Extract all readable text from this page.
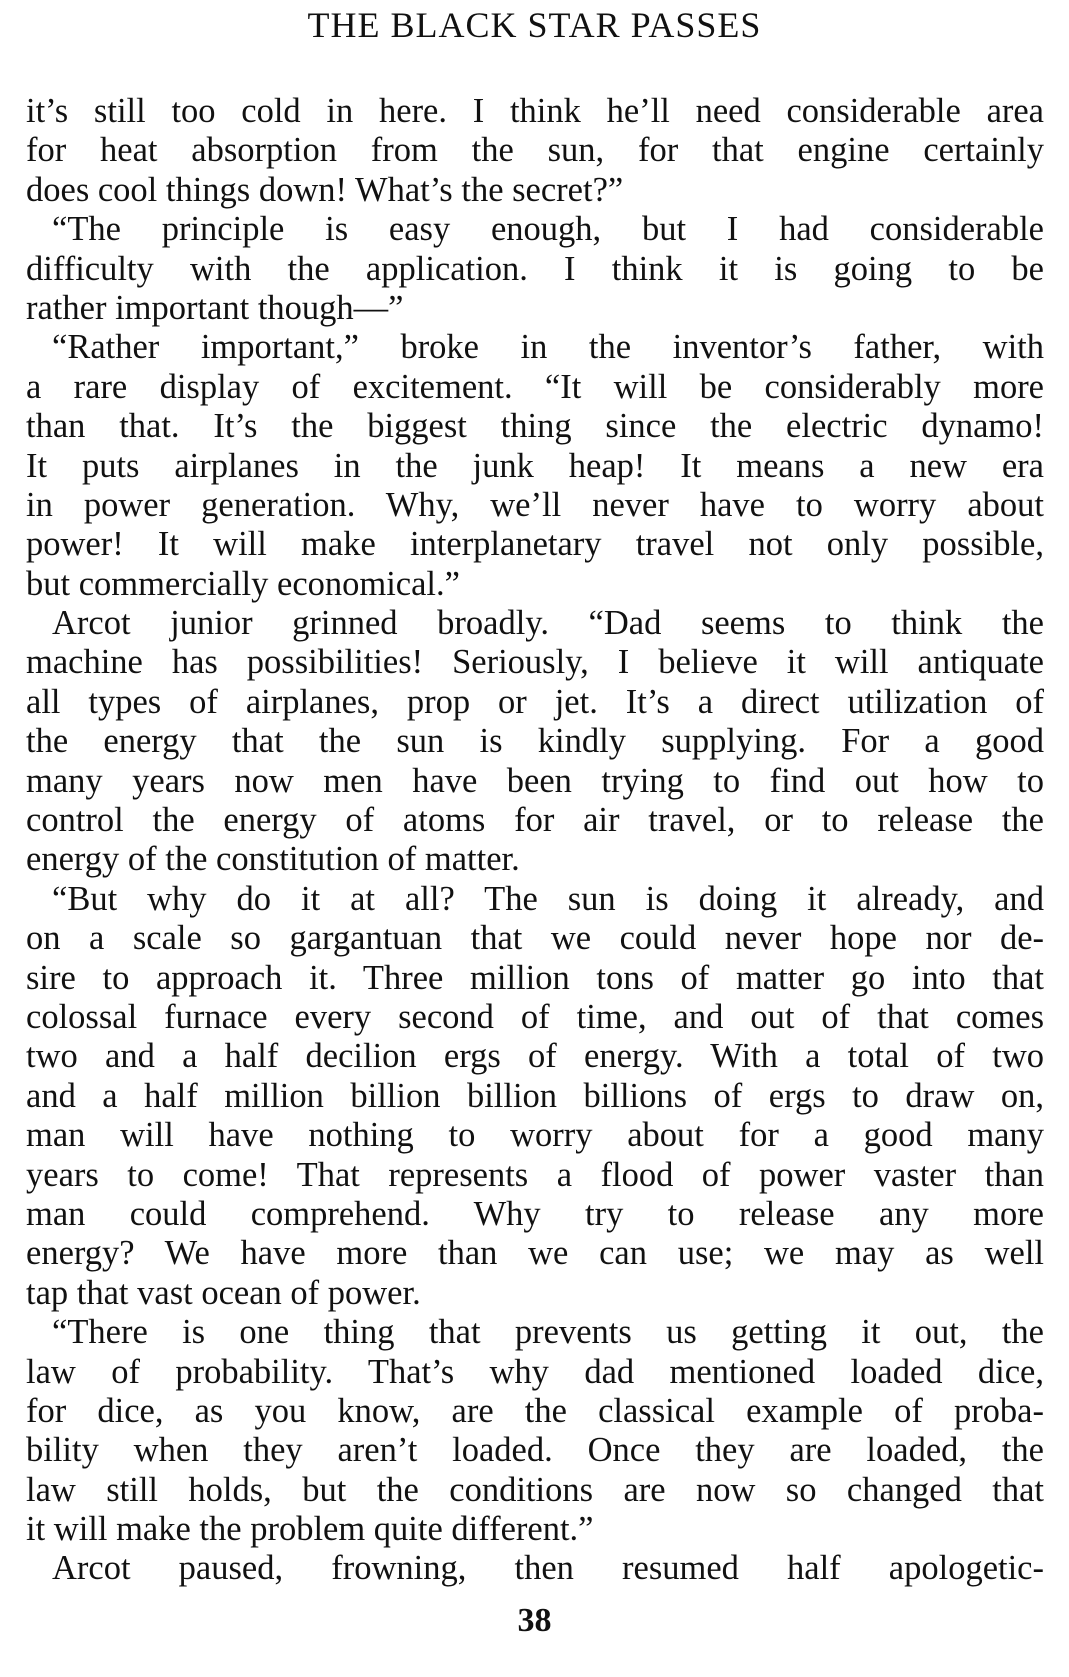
THE BLACK STAR PASSES
it’s still too cold in here. I think he’ll need considerable area
for heat absorption from the sun, for that engine certainly
does cool things down! What’s the secret?”
“The principle is easy enough, but I had considerable
difficulty with the application. I think it is going to be
rather important though—”
“Rather important,” broke in the inventor’s father, with
a rare display of excitement. “It will be considerably more
than that. It’s the biggest thing since the electric dynamo!
It puts airplanes in the junk heap! It means a new era
in power generation. Why, we’ll never have to worry about
power! It will make interplanetary travel not only possible,
but commercially economical.”
Arcot junior grinned broadly. “Dad seems to think the
machine has possibilities! Seriously, I believe it will antiquate
all types of airplanes, prop or jet. It’s a direct utilization of
the energy that the sun is kindly supplying. For a good
many years now men have been trying to find out how to
control the energy of atoms for air travel, or to release the
energy of the constitution of matter.
“But why do it at all? The sun is doing it already, and
on a scale so gargantuan that we could never hope nor de-
sire to approach it. Three million tons of matter go into that
colossal furnace every second of time, and out of that comes
two and a half decilion ergs of energy. With a total of two
and a half million billion billion billions of ergs to draw on,
man will have nothing to worry about for a good many
years to come! That represents a flood of power vaster than
man could comprehend. Why try to release any more
energy? We have more than we can use; we may as well
tap that vast ocean of power.
“There is one thing that prevents us getting it out, the
law of probability. That’s why dad mentioned loaded dice,
for dice, as you know, are the classical example of proba-
bility when they aren’t loaded. Once they are loaded, the
law still holds, but the conditions are now so changed that
it will make the problem quite different.”
Arcot paused, frowning, then resumed half apologetic-
38
